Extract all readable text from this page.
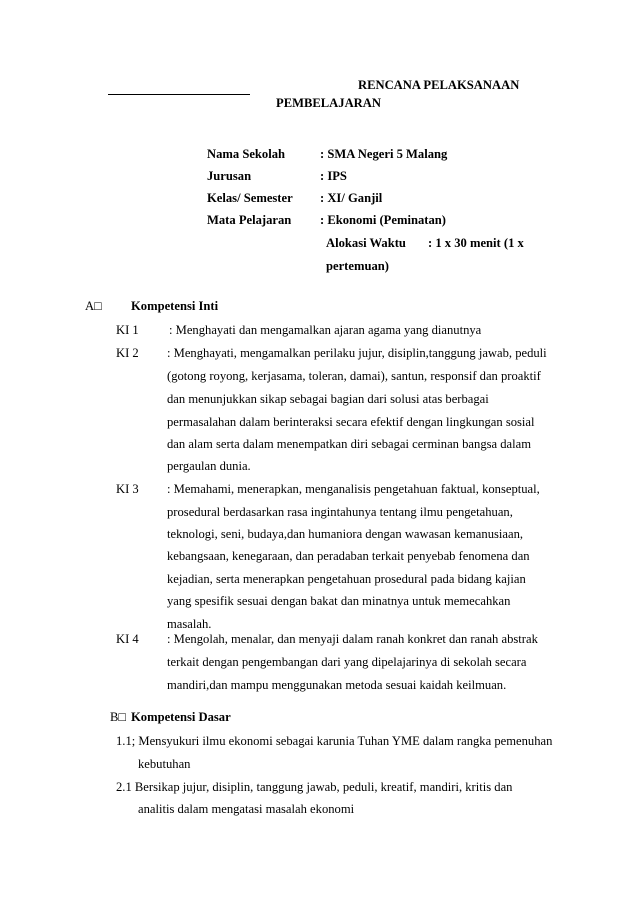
RENCANA PELAKSANAAN
PEMBELAJARAN
Nama Sekolah	: SMA Negeri 5 Malang
Jurusan	: IPS
Kelas/ Semester : XI/ Ganjil
Mata Pelajaran : Ekonomi (Peminatan)
Alokasi Waktu : 1 x 30 menit (1 x
pertemuan)
A□ Kompetensi Inti
KI 1 : Menghayati dan mengamalkan ajaran agama yang dianutnya
KI 2 : Menghayati, mengamalkan perilaku jujur, disiplin,tanggung jawab, peduli
(gotong royong, kerjasama, toleran, damai), santun, responsif dan proaktif
dan menunjukkan sikap sebagai bagian dari solusi atas berbagai
permasalahan dalam berinteraksi secara efektif dengan lingkungan sosial
dan alam serta dalam menempatkan diri sebagai cerminan bangsa dalam
pergaulan dunia.
KI 3 : Memahami, menerapkan, menganalisis pengetahuan faktual, konseptual,
prosedural berdasarkan rasa ingintahunya tentang ilmu pengetahuan,
teknologi, seni, budaya,dan humaniora dengan wawasan kemanusiaan,
kebangsaan, kenegaraan, dan peradaban terkait penyebab fenomena dan
kejadian, serta menerapkan pengetahuan prosedural pada bidang kajian
yang spesifik sesuai dengan bakat dan minatnya untuk memecahkan
masalah.
KI 4 : Mengolah, menalar, dan menyaji dalam ranah konkret dan ranah abstrak
terkait dengan pengembangan dari yang dipelajarinya di sekolah secara
mandiri,dan mampu menggunakan metoda sesuai kaidah keilmuan.
B□ Kompetensi Dasar
1.1; Mensyukuri ilmu ekonomi sebagai karunia Tuhan YME dalam rangka pemenuhan
kebutuhan
2.1 Bersikap jujur, disiplin, tanggung jawab, peduli, kreatif, mandiri, kritis dan
analitis dalam mengatasi masalah ekonomi
